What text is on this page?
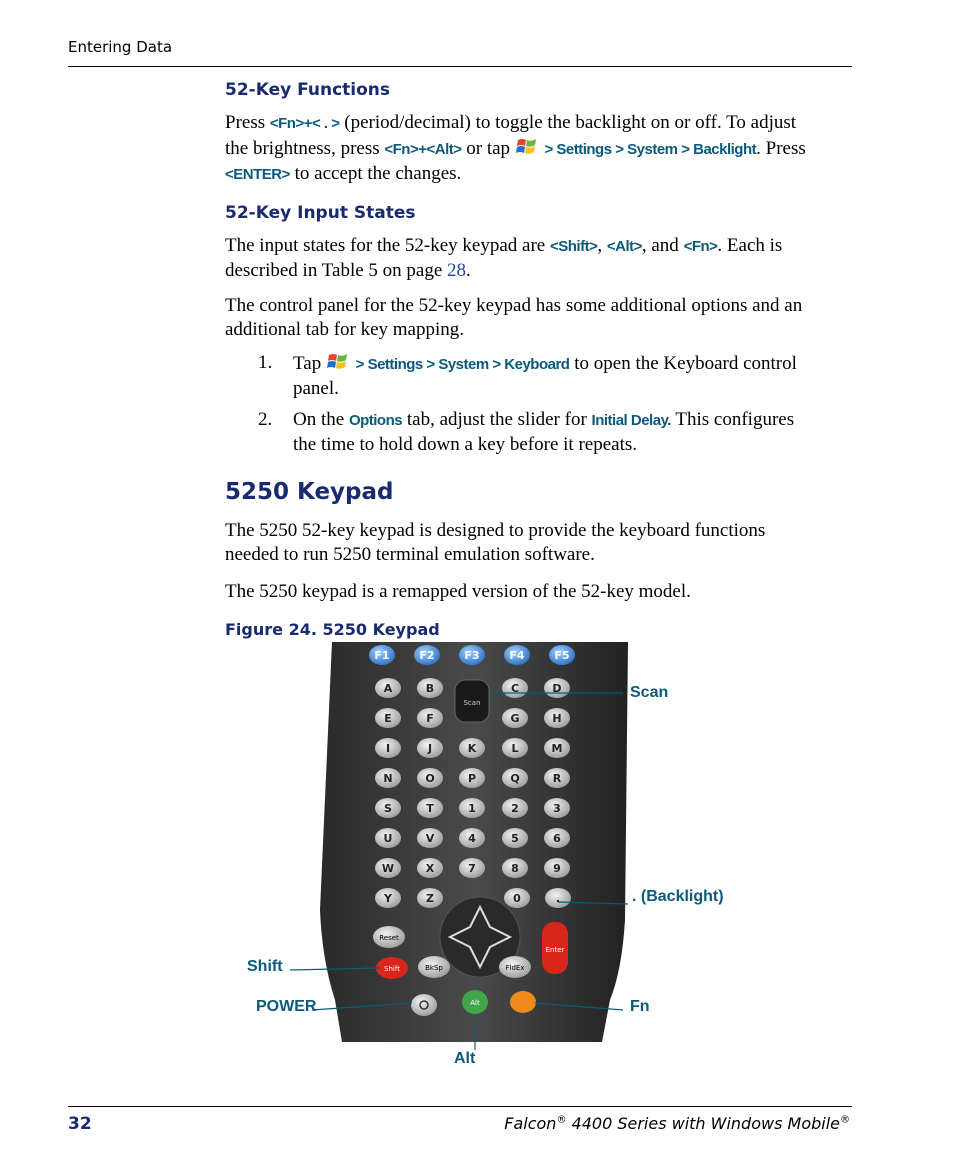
Entering Data
52-Key Functions
Press <Fn>+< . > (period/decimal) to toggle the backlight on or off. To adjust
the brightness, press <Fn>+<Alt> or tap  > Settings > System > Backlight. Press
<ENTER> to accept the changes.
52-Key Input States
The input states for the 52-key keypad are <Shift>, <Alt>, and <Fn>. Each is
described in Table 5 on page 28.
The control panel for the 52-key keypad has some additional options and an
additional tab for key mapping.
1. Tap  > Settings > System > Keyboard to open the Keyboard control
panel.
2. On the Options tab, adjust the slider for Initial Delay. This configures
the time to hold down a key before it repeats.
5250 Keypad
The 5250 52-key keypad is designed to provide the keyboard functions
needed to run 5250 terminal emulation software.
The 5250 keypad is a remapped version of the 52-key model.
Figure 24. 5250 Keypad
F1	F2	F3	F4	F5
A	B	C	D
E	F	G	H
I	J	K	L	M
N	O	P	Q	R
S	T	1	2	3
U	V	4	5	6
W	X	7	8	9
Y	Z	0	.
Scan
Enter
Reset
Shift	BkSp	FldEx
Alt
Scan
. (Backlight)
Shift
POWER	Fn
Alt
32	Falcon® 4400 Series with Windows Mobile®
